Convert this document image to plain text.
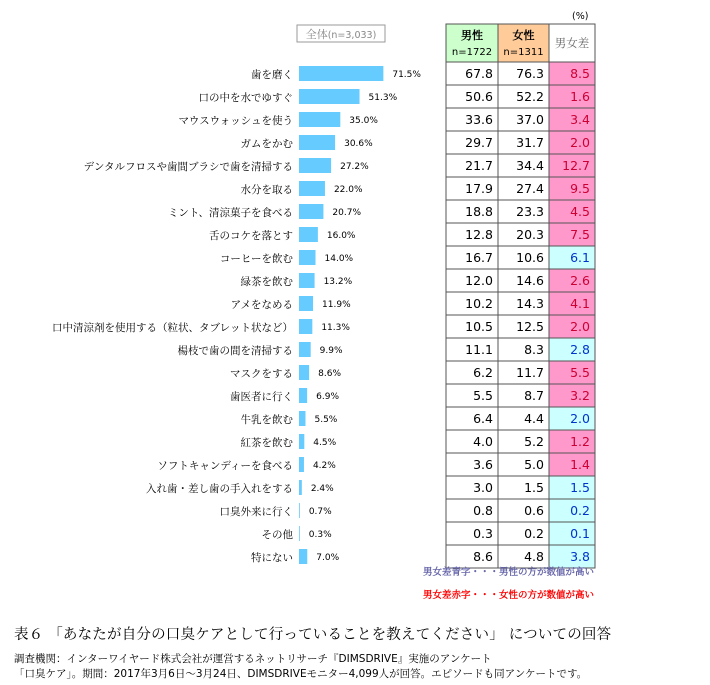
全体(n=3,033)
(%)
男性
n=1722
女性
n=1311
男女差
歯を磨く	71.5%	67.8 76.3 8.5
口の中を水でゆすぐ	51.3%	50.6 52.2 1.6
マウスウォッシュを使う	35.0%	33.6 37.0 3.4
ガムをかむ	30.6%	29.7 31.7 2.0
デンタルフロスや歯間ブラシで歯を清掃する	27.2%	21.7 34.4 12.7
水分を取る	22.0%	17.9 27.4 9.5
ミント、清涼菓子を食べる	20.7%	18.8 23.3 4.5
舌のコケを落とす	16.0%	12.8 20.3 7.5
コーヒーを飲む	14.0%	16.7 10.6 6.1
緑茶を飲む	13.2%	12.0 14.6 2.6
アメをなめる	11.9%	10.2 14.3 4.1
口中清涼剤を使用する（粒状、タブレット状など）	11.3%	10.5 12.5 2.0
楊枝で歯の間を清掃する	9.9%	11.1 8.3 2.8
マスクをする	8.6%	6.2 11.7 5.5
歯医者に行く	6.9%	5.5 8.7 3.2
牛乳を飲む 5.5%	6.4 4.4 2.0
紅茶を飲む 4.5%	4.0 5.2 1.2
ソフトキャンディーを食べる 4.2%	3.6 5.0 1.4
入れ歯・差し歯の手入れをする 2.4%	3.0 1.5 1.5
口臭外来に行く 0.7%	0.8 0.6 0.2
その他 0.3%	0.3 0.2 0.1
特にない	7.0%	8.6 4.8 3.8
男女差青字・・・男性の方が数値が高い
男女差赤字・・・女性の方が数値が高い
表６ 「あなたが自分の口臭ケアとして行っていることを教えてください」 についての回答
調査機関：インターワイヤード株式会社が運営するネットリサーチ『DIMSDRIVE』実施のアンケート
「口臭ケア」。期間：2017年3月6日～3月24日、DIMSDRIVEモニター4,099人が回答。エピソードも同アンケートです。
